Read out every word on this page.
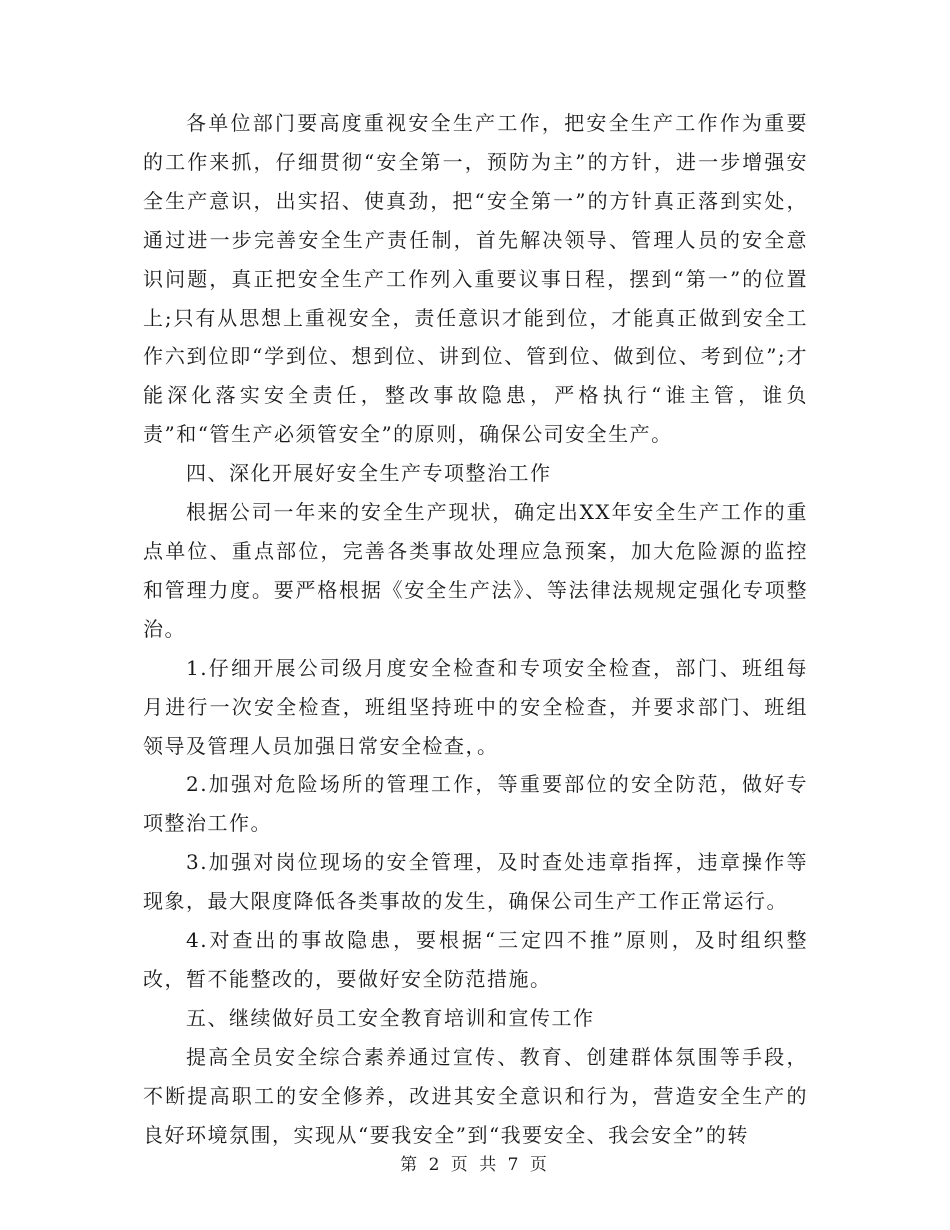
各单位部门要高度重视安全生产工作，把安全生产工作作为重要的工作来抓，仔细贯彻“安全第一，预防为主”的方针，进一步增强安全生产意识，出实招、使真劲，把“安全第一”的方针真正落到实处，通过进一步完善安全生产责任制，首先解决领导、管理人员的安全意识问题，真正把安全生产工作列入重要议事日程，摆到“第一”的位置上;只有从思想上重视安全，责任意识才能到位，才能真正做到安全工作六到位即“学到位、想到位、讲到位、管到位、做到位、考到位”;才能深化落实安全责任，整改事故隐患，严格执行“谁主管，谁负责”和“管生产必须管安全”的原则，确保公司安全生产。

四、深化开展好安全生产专项整治工作

根据公司一年来的安全生产现状，确定出XX年安全生产工作的重点单位、重点部位，完善各类事故处理应急预案，加大危险源的监控和管理力度。要严格根据《安全生产法》、等法律法规规定强化专项整治。

1.仔细开展公司级月度安全检查和专项安全检查，部门、班组每月进行一次安全检查，班组坚持班中的安全检查，并要求部门、班组领导及管理人员加强日常安全检查，。

2.加强对危险场所的管理工作，等重要部位的安全防范，做好专项整治工作。

3.加强对岗位现场的安全管理，及时查处违章指挥，违章操作等现象，最大限度降低各类事故的发生，确保公司生产工作正常运行。

4.对查出的事故隐患，要根据“三定四不推”原则，及时组织整改，暂不能整改的，要做好安全防范措施。

五、继续做好员工安全教育培训和宣传工作

提高全员安全综合素养通过宣传、教育、创建群体氛围等手段，不断提高职工的安全修养，改进其安全意识和行为，营造安全生产的良好环境氛围，实现从“要我安全”到“我要安全、我会安全”的转

第 2 页 共 7 页
